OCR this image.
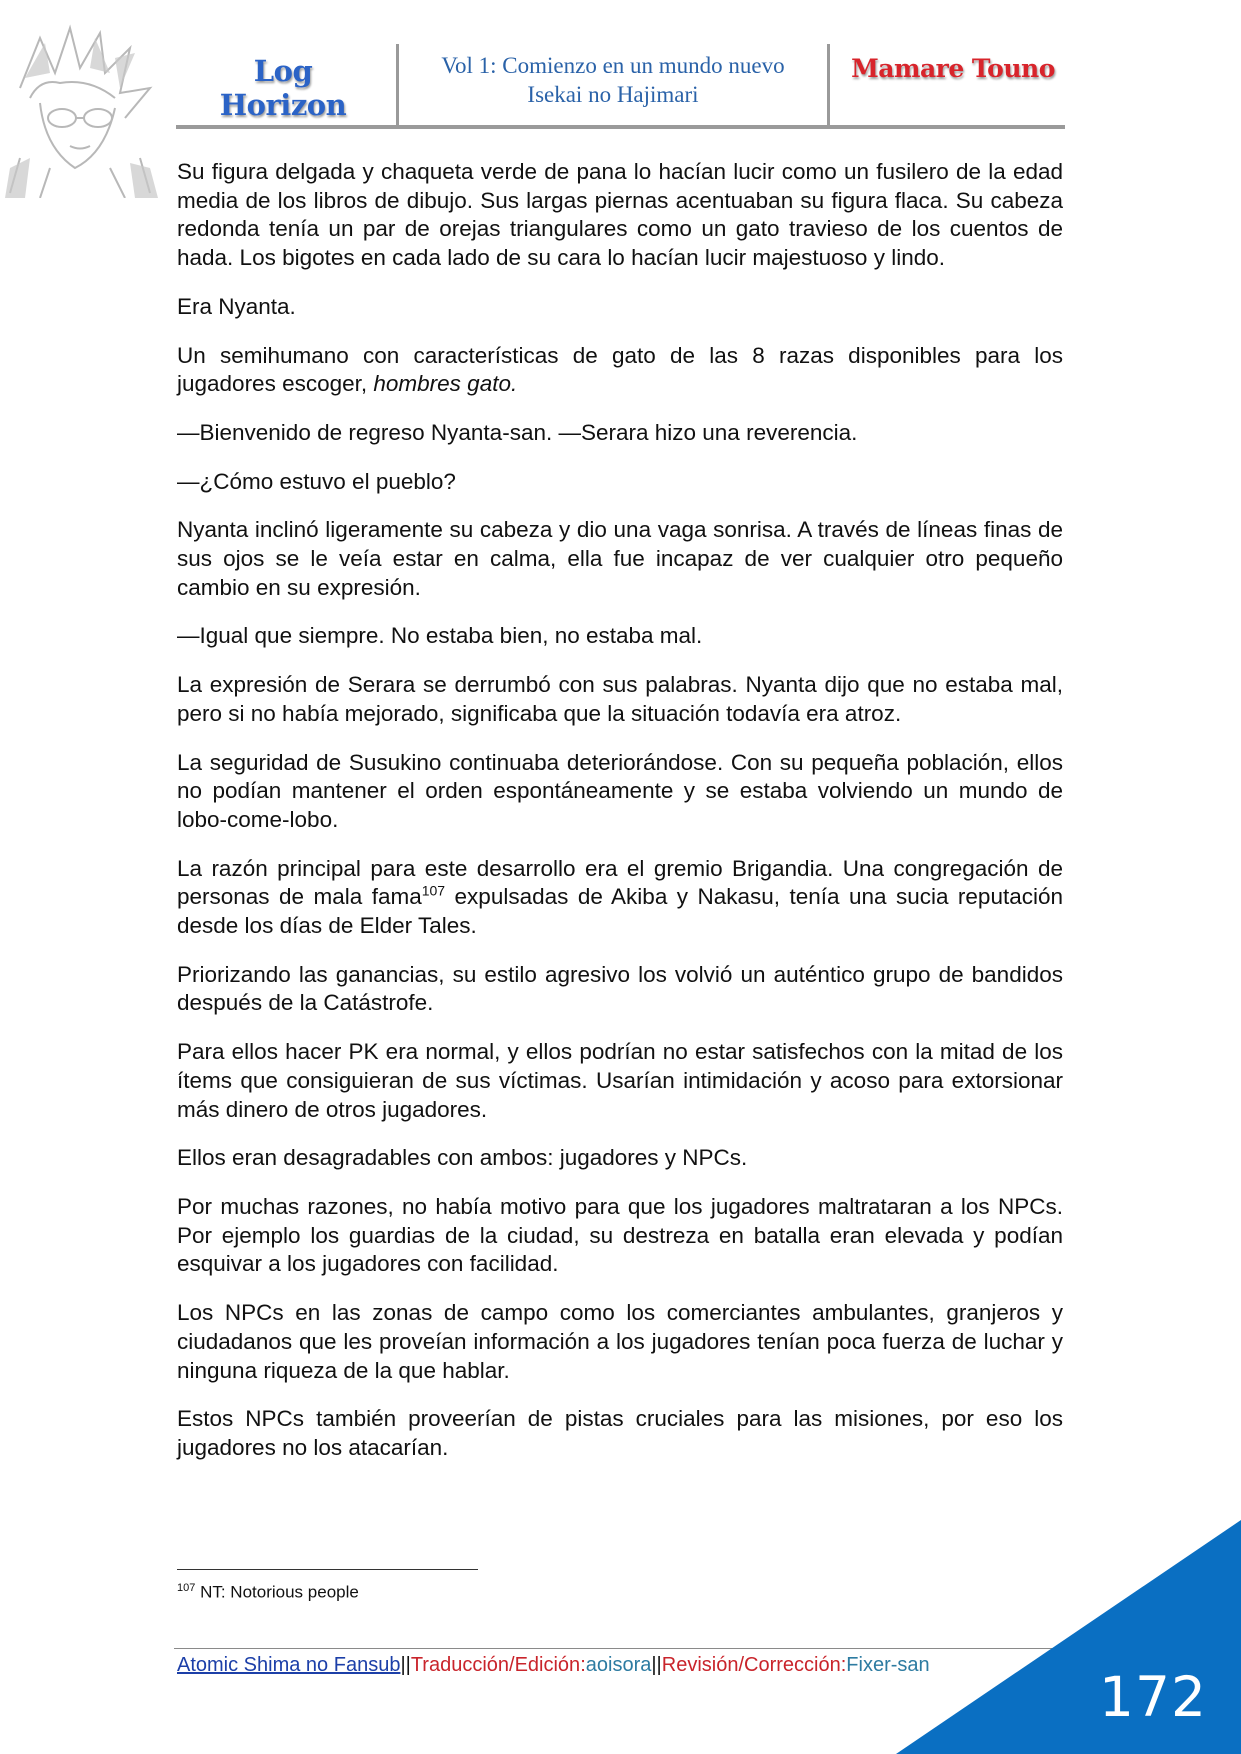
Log Horizon
Vol 1: Comienzo en un mundo nuevo
Isekai no Hajimari
Mamare Touno

Su figura delgada y chaqueta verde de pana lo hacían lucir como un fusilero de la edad media de los libros de dibujo. Sus largas piernas acentuaban su figura flaca. Su cabeza redonda tenía un par de orejas triangulares como un gato travieso de los cuentos de hada. Los bigotes en cada lado de su cara lo hacían lucir majestuoso y lindo.

Era Nyanta.

Un semihumano con características de gato de las 8 razas disponibles para los jugadores escoger, hombres gato.

—Bienvenido de regreso Nyanta-san. —Serara hizo una reverencia.

—¿Cómo estuvo el pueblo?

Nyanta inclinó ligeramente su cabeza y dio una vaga sonrisa. A través de líneas finas de sus ojos se le veía estar en calma, ella fue incapaz de ver cualquier otro pequeño cambio en su expresión.

—Igual que siempre. No estaba bien, no estaba mal.

La expresión de Serara se derrumbó con sus palabras. Nyanta dijo que no estaba mal, pero si no había mejorado, significaba que la situación todavía era atroz.

La seguridad de Susukino continuaba deteriorándose. Con su pequeña población, ellos no podían mantener el orden espontáneamente y se estaba volviendo un mundo de lobo-come-lobo.

La razón principal para este desarrollo era el gremio Brigandia. Una congregación de personas de mala fama$^{107}$ expulsadas de Akiba y Nakasu, tenía una sucia reputación desde los días de Elder Tales.

Priorizando las ganancias, su estilo agresivo los volvió un auténtico grupo de bandidos después de la Catástrofe.

Para ellos hacer PK era normal, y ellos podrían no estar satisfechos con la mitad de los ítems que consiguieran de sus víctimas. Usarían intimidación y acoso para extorsionar más dinero de otros jugadores.

Ellos eran desagradables con ambos: jugadores y NPCs.

Por muchas razones, no había motivo para que los jugadores maltrataran a los NPCs. Por ejemplo los guardias de la ciudad, su destreza en batalla eran elevada y podían esquivar a los jugadores con facilidad.

Los NPCs en las zonas de campo como los comerciantes ambulantes, granjeros y ciudadanos que les proveían información a los jugadores tenían poca fuerza de luchar y ninguna riqueza de la que hablar.

Estos NPCs también proveerían de pistas cruciales para las misiones, por eso los jugadores no los atacarían.

$^{107}$ NT: Notorious people
Atomic Shima no Fansub||Traducción/Edición:aoisora||Revisión/Corrección:Fixer-san	172
